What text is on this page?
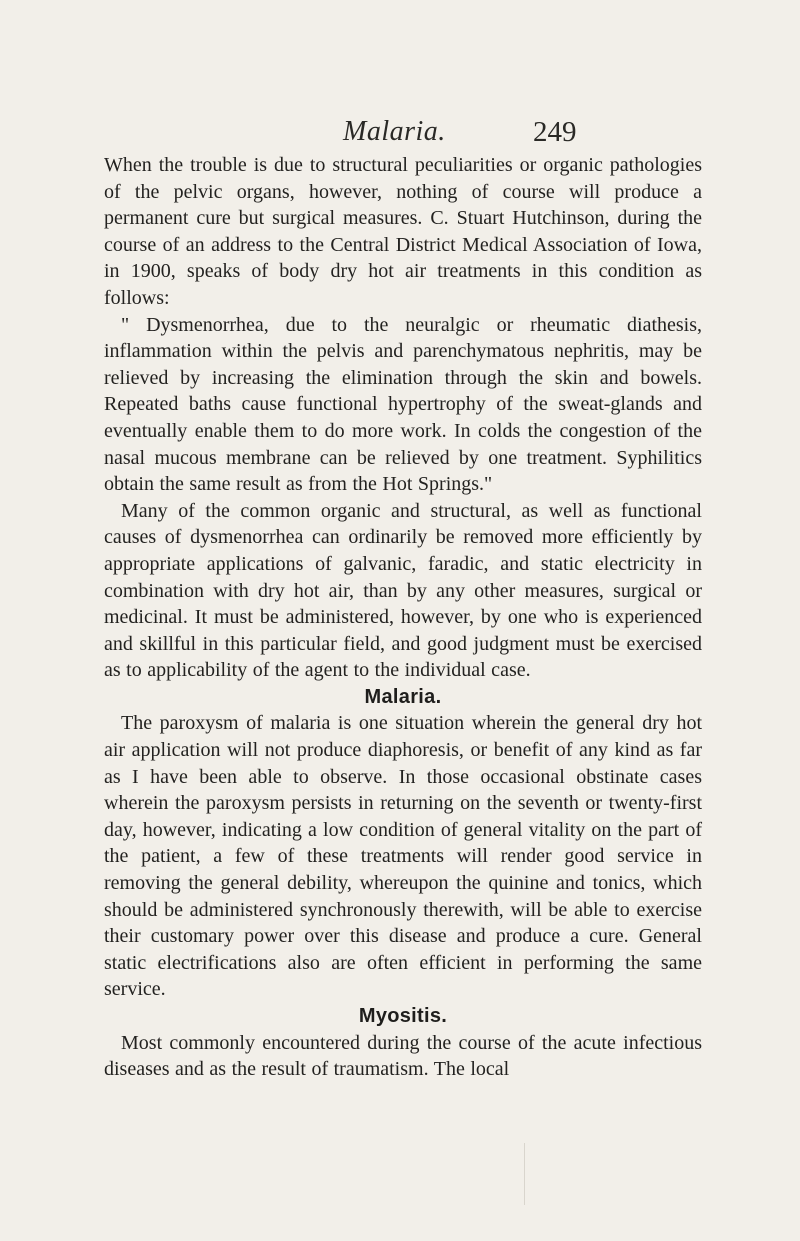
Malaria.	249

When the trouble is due to structural peculiarities or organic pathologies of the pelvic organs, however, nothing of course will produce a permanent cure but surgical measures. C. Stuart Hutchinson, during the course of an address to the Central District Medical Association of Iowa, in 1900, speaks of body dry hot air treatments in this condition as follows:

" Dysmenorrhea, due to the neuralgic or rheumatic diathesis, inflammation within the pelvis and parenchymatous nephritis, may be relieved by increasing the elimination through the skin and bowels. Repeated baths cause functional hypertrophy of the sweat-glands and eventually enable them to do more work. In colds the congestion of the nasal mucous membrane can be relieved by one treatment. Syphilitics obtain the same result as from the Hot Springs."

Many of the common organic and structural, as well as functional causes of dysmenorrhea can ordinarily be removed more efficiently by appropriate applications of galvanic, faradic, and static electricity in combination with dry hot air, than by any other measures, surgical or medicinal. It must be administered, however, by one who is experienced and skillful in this particular field, and good judgment must be exercised as to applicability of the agent to the individual case.

Malaria.

The paroxysm of malaria is one situation wherein the general dry hot air application will not produce diaphoresis, or benefit of any kind as far as I have been able to observe. In those occasional obstinate cases wherein the paroxysm persists in returning on the seventh or twenty-first day, however, indicating a low condition of general vitality on the part of the patient, a few of these treatments will render good service in removing the general debility, whereupon the quinine and tonics, which should be administered synchronously therewith, will be able to exercise their customary power over this disease and produce a cure. General static electrifications also are often efficient in performing the same service.

Myositis.

Most commonly encountered during the course of the acute infectious diseases and as the result of traumatism. The local
